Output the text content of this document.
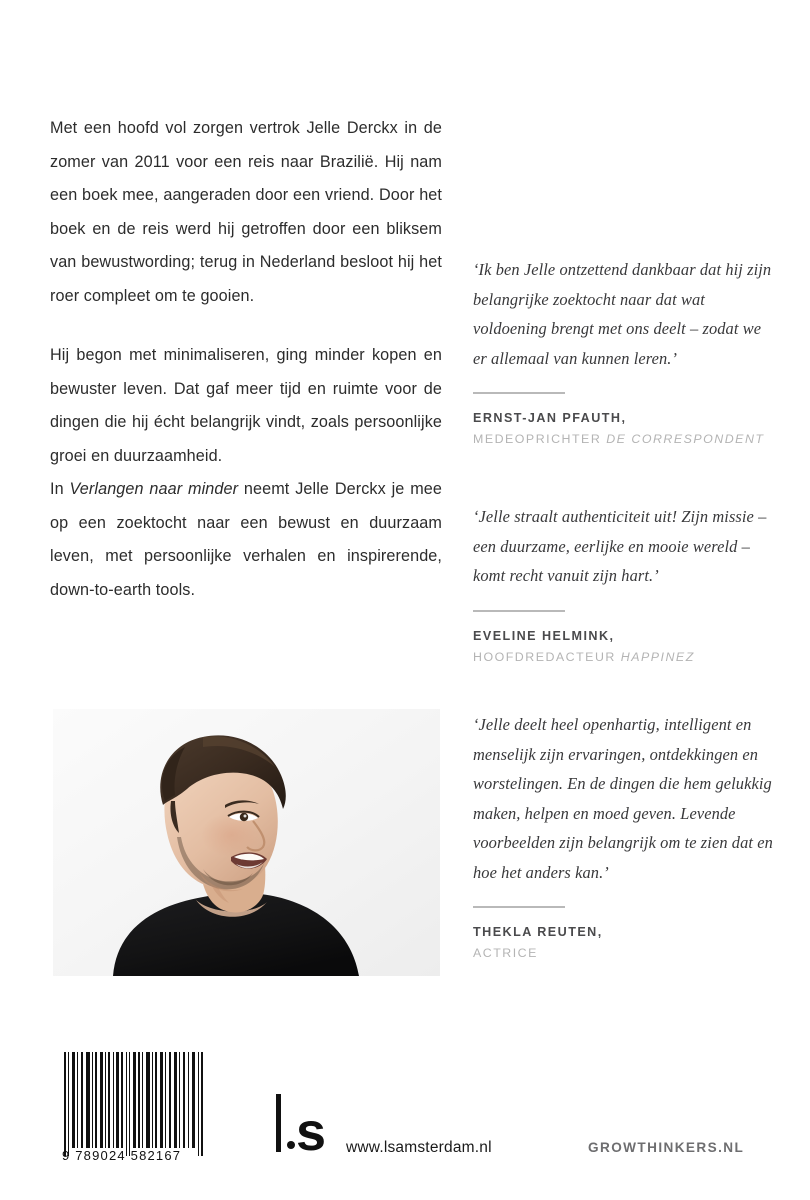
Met een hoofd vol zorgen vertrok Jelle Derckx in de zomer van 2011 voor een reis naar Brazilië. Hij nam een boek mee, aangeraden door een vriend. Door het boek en de reis werd hij getroffen door een bliksem van bewustwording; terug in Nederland besloot hij het roer compleet om te gooien.

Hij begon met minimaliseren, ging minder kopen en bewuster leven. Dat gaf meer tijd en ruimte voor de dingen die hij écht belangrijk vindt, zoals persoonlijke groei en duurzaamheid.
In Verlangen naar minder neemt Jelle Derckx je mee op een zoektocht naar een bewust en duurzaam leven, met persoonlijke verhalen en inspirerende, down-to-earth tools.

‘Ik ben Jelle ontzettend dankbaar dat hij zijn belangrijke zoektocht naar dat wat voldoening brengt met ons deelt – zodat we er allemaal van kunnen leren.’
ERNST-JAN PFAUTH,
MEDEOPRICHTER DE CORRESPONDENT
‘Jelle straalt authenticiteit uit! Zijn missie – een duurzame, eerlijke en mooie wereld – komt recht vanuit zijn hart.’
EVELINE HELMINK,
HOOFDREDACTEUR HAPPINEZ
‘Jelle deelt heel openhartig, intelligent en menselijk zijn ervaringen, ontdekkingen en worstelingen. En de dingen die hem gelukkig maken, helpen en moed geven. Levende voorbeelden zijn belangrijk om te zien dat en hoe het anders kan.’
THEKLA REUTEN,
ACTRICE
9 789024 582167	s www.lsamsterdam.nl	GROWTHINKERS.NL
